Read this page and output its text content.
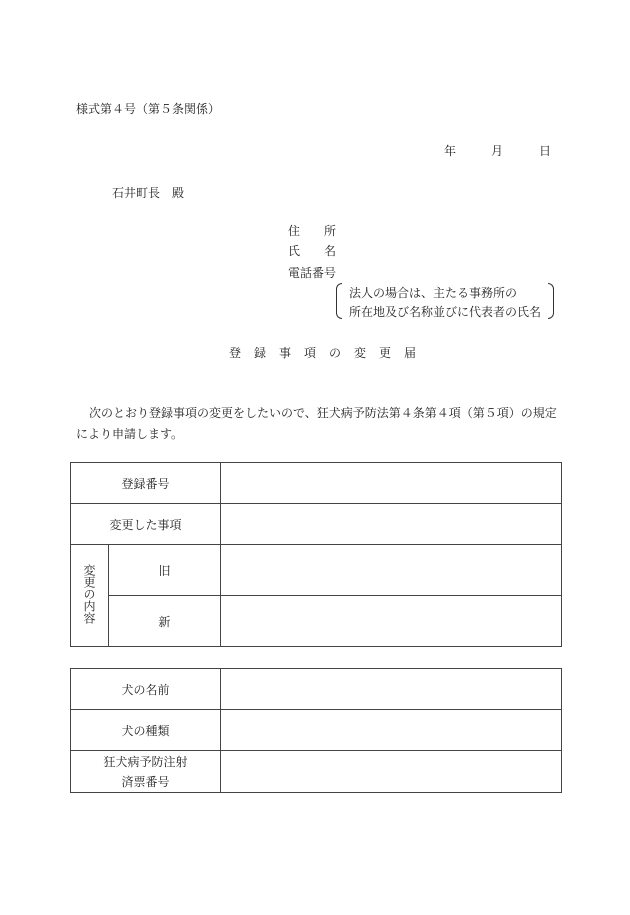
様式第４号（第５条関係）
年	月	日
石井町長　殿
住所
氏名
電話番号
法人の場合は、主たる事務所の
所在地及び名称並びに代表者の氏名
登録事項の変更届
次のとおり登録事項の変更をしたいので、狂犬病予防法第４条第４項（第５項）の規定
により申請します。
登録番号		
変更した事項		
変更の内容	旧	
	新	
犬の名前	
犬の種類	

狂犬病予防注射
済票番号	
